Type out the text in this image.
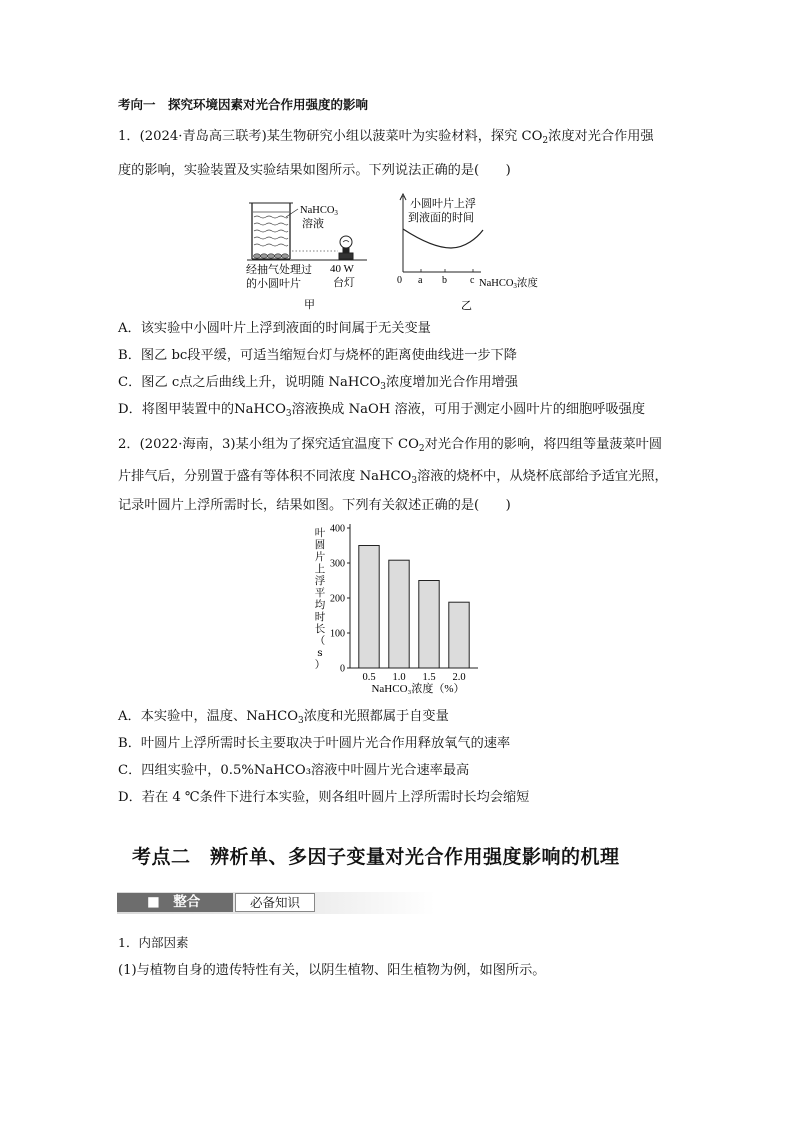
考向一　探究环境因素对光合作用强度的影响
1．(2024·青岛高三联考)某生物研究小组以菠菜叶为实验材料，探究 $CO_2$浓度对光合作用强
度的影响，实验装置及实验结果如图所示。下列说法正确的是(　　)
NaHCO3
溶液
40 W
台灯
经抽气处理过
的小圆叶片
甲
小圆叶片上浮
到液面的时间
0 a b c NaHCO3浓度
乙
A．该实验中小圆叶片上浮到液面的时间属于无关变量
B．图乙 bc段平缓，可适当缩短台灯与烧杯的距离使曲线进一步下降
C．图乙 c点之后曲线上升，说明随 NaHCO$_3$浓度增加光合作用增强
D．将图甲装置中的NaHCO$_3$溶液换成 NaOH 溶液，可用于测定小圆叶片的细胞呼吸强度
2．(2022·海南，3)某小组为了探究适宜温度下 $CO_2$对光合作用的影响，将四组等量菠菜叶圆
片排气后，分别置于盛有等体积不同浓度 NaHCO$_3$溶液的烧杯中，从烧杯底部给予适宜光照，
记录叶圆片上浮所需时长，结果如图。下列有关叙述正确的是(　　)
叶
圆
片
上
浮
平
均
时
长
（
s
）
0.5 1.0 1.5 2.0
0
100
200
300
400
NaHCO₃浓度（%）
A．本实验中，温度、NaHCO$_3$浓度和光照都属于自变量
B．叶圆片上浮所需时长主要取决于叶圆片光合作用释放氧气的速率
C．四组实验中，0.5%NaHCO₃溶液中叶圆片光合速率最高
D．若在 4 ℃条件下进行本实验，则各组叶圆片上浮所需时长均会缩短
考点二　辨析单、多因子变量对光合作用强度影响的机理
■　整合	必备知识
1．内部因素
(1)与植物自身的遗传特性有关，以阴生植物、阳生植物为例，如图所示。
